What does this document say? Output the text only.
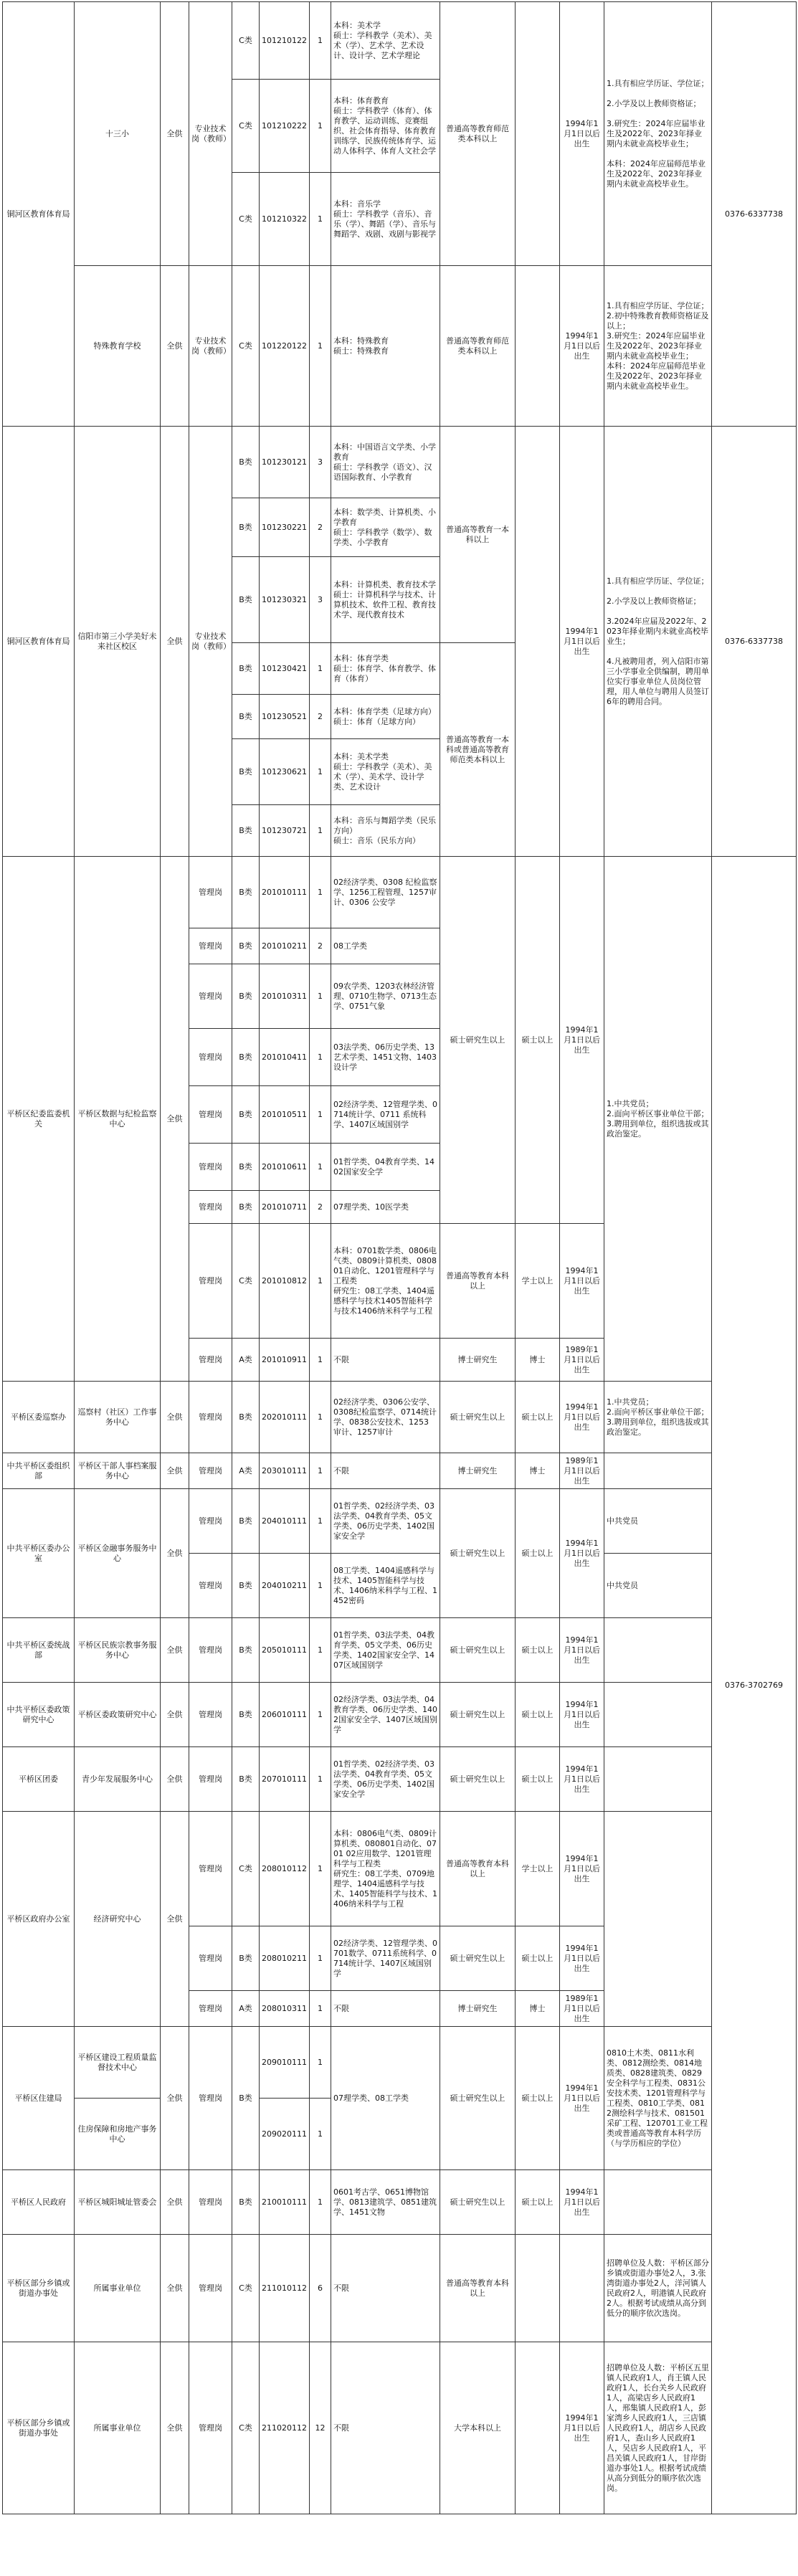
铜河区教育体育局	十三小	全供	专业技术岗（教师）	C类	101210122	1	本科：美术学
硕士：学科教学（美术）、美术（学）、艺术学、艺术设计、设计学、艺术学理论	普通高等教育师范类本科以上		1994年1月1日以后出生	1.具有相应学历证、学位证；

2.小学及以上教师资格证；

3.研究生：2024年应届毕业生及2022年、2023年择业期内未就业高校毕业生；

本科：2024年应届师范毕业生及2022年、2023年择业期内未就业高校毕业生。	0376-6337738
				C类	101210222	1	本科：体育教育
硕士：学科教学（体育）、体育教学、运动训练、竞赛组织、社会体育指导、体育教育训练学、民族传统体育学、运动人体科学、体育人文社会学					
				C类	101210322	1	本科：音乐学
硕士：学科教学（音乐）、音乐（学）、舞蹈（学）、音乐与舞蹈学、戏剧、戏剧与影视学					
	特殊教育学校	全供	专业技术岗（教师）	C类	101220122	1	本科：特殊教育
硕士：特殊教育	普通高等教育师范类本科以上		1994年1月1日以后出生	1.具有相应学历证、学位证；
2.初中特殊教育教师资格证及以上；
3.研究生：2024年应届毕业生及2022年、2023年择业期内未就业高校毕业生；
本科：2024年应届师范毕业生及2022年、2023年择业期内未就业高校毕业生。	
铜河区教育体育局	信阳市第三小学美好未来社区校区	全供	专业技术岗（教师）	B类	101230121	3	本科：中国语言文学类、小学教育
硕士：学科教学（语文）、汉语国际教育、小学教育	普通高等教育一本科以上		1994年1月1日以后出生	1.具有相应学历证、学位证；

2.小学及以上教师资格证；

3.2024年应届及2022年、2023年择业期内未就业高校毕业生；

4.凡被聘用者，列入信阳市第三小学事业全供编制，聘用单位实行事业单位人员岗位管理，用人单位与聘用人员签订6年的聘用合同。	0376-6337738
				B类	101230221	2	本科：数学类、计算机类、小学教育
硕士：学科教学（数学）、数学类、小学教育					
				B类	101230321	3	本科：计算机类、教育技术学
硕士：计算机科学与技术、计算机技术、软件工程、教育技术学、现代教育技术					
				B类	101230421	1	本科：体育学类
硕士：体育学、体育教学、体育（体育）	普通高等教育一本科或普通高等教育师范类本科以上				
				B类	101230521	2	本科：体育学类（足球方向）
硕士：体育（足球方向）					
				B类	101230621	1	本科：美术学类
硕士：学科教学（美术）、美术（学）、美术学、设计学类、艺术设计					
				B类	101230721	1	本科：音乐与舞蹈学类（民乐方向）
硕士：音乐（民乐方向）					
平桥区纪委监委机关	平桥区数据与纪检监察中心	全供	管理岗	B类	201010111	1	02经济学类、0308 纪检监察学、1256工程管理、1257审计、0306 公安学	硕士研究生以上	硕士以上	1994年1月1日以后出生	1.中共党员；
2.面向平桥区事业单位干部；
3.聘用到单位，组织选拔或其政治鉴定。	0376-3702769
			管理岗	B类	201010211	2	08工学类					
			管理岗	B类	201010311	1	09农学类、1203农林经济管理、0710生物学、0713生态学、0751气象					
			管理岗	B类	201010411	1	03法学类、06历史学类、13艺术学类、1451文物、1403设计学					
			管理岗	B类	201010511	1	02经济学类、12管理学类、0714统计学、0711 系统科学、1407区域国别学					
			管理岗	B类	201010611	1	01哲学类、04教育学类、1402国家安全学					
			管理岗	B类	201010711	2	07理学类、10医学类					
			管理岗	C类	201010812	1	本科：0701数学类、0806电气类、0809计算机类、080801自动化、1201管理科学与工程类
研究生：08工学类、1404遥感科学与技术1405智能科学与技术1406纳米科学与工程	普通高等教育本科以上	学士以上	1994年1月1日以后出生		
			管理岗	A类	201010911	1	不限	博士研究生	博士	1989年1月1日以后出生		
平桥区委巡察办	巡察村（社区）工作事务中心	全供	管理岗	B类	202010111	1	02经济学类、0306公安学、0308纪检监察学、0714统计学、0838公安技术、1253 审计、1257审计	硕士研究生以上	硕士以上	1994年1月1日以后出生	1.中共党员；
2.面向平桥区事业单位干部；
3.聘用到单位，组织选拔或其政治鉴定。	
中共平桥区委组织部	平桥区干部人事档案服务中心	全供	管理岗	A类	203010111	1	不限	博士研究生	博士	1989年1月1日以后出生		
中共平桥区委办公室	平桥区金融事务服务中心	全供	管理岗	B类	204010111	1	01哲学类、02经济学类、03法学类、04教育学类、05文学类、06历史学类、1402国家安全学	硕士研究生以上	硕士以上	1994年1月1日以后出生	中共党员	
			管理岗	B类	204010211	1	08工学类、1404遥感科学与技术、1405智能科学与技术、1406纳米科学与工程、1452密码				中共党员	
中共平桥区委统战部	平桥区民族宗教事务服务中心	全供	管理岗	B类	205010111	1	01哲学类、03法学类、04教育学类、05文学类、06历史学类、1402国家安全学、1407区域国别学	硕士研究生以上	硕士以上	1994年1月1日以后出生		
中共平桥区委政策研究中心	平桥区委政策研究中心	全供	管理岗	B类	206010111	1	02经济学类、03法学类、04教育学类、06历史学类、1402国家安全学、1407区域国别学	硕士研究生以上	硕士以上	1994年1月1日以后出生		
平桥区团委	青少年发展服务中心	全供	管理岗	B类	207010111	1	01哲学类、02经济学类、03法学类、04教育学类、05文学类、06历史学类、1402国家安全学	硕士研究生以上	硕士以上	1994年1月1日以后出生		
平桥区政府办公室	经济研究中心	全供	管理岗	C类	208010112	1	本科：0806电气类、0809计算机类、080801自动化、0701 02应用数学、1201管理科学与工程类
研究生：08工学类、0709地理学、1404遥感科学与技术、1405智能科学与技术、1406纳米科学与工程	普通高等教育本科以上	学士以上	1994年1月1日以后出生		
			管理岗	B类	208010211	1	02经济学类、12管理学类、0701数学、0711系统科学、0714统计学、1407区域国别学	硕士研究生以上	硕士以上	1994年1月1日以后出生		
			管理岗	A类	208010311	1	不限	博士研究生	博士	1989年1月1日以后出生		
平桥区住建局	平桥区建设工程质量监督技术中心	全供	管理岗	B类	209010111	1	07理学类、08工学类	硕士研究生以上	硕士以上	1994年1月1日以后出生	0810土木类、0811水利类、0812测绘类、0814地质类、0828建筑类、0829安全科学与工程类、0831公安技术类、1201管理科学与工程类、0810工学类、0812测绘科学与技术、081501采矿工程、120701工业工程类或普通高等教育本科学历（与学历相应的学位）	
	住房保障和房地产事务中心				209020111	1						
平桥区人民政府	平桥区城阳城址管委会	全供	管理岗	B类	210010111	1	0601考古学、0651博物馆学、0813建筑学、0851建筑学、1451文物	硕士研究生以上	硕士以上	1994年1月1日以后出生		
平桥区部分乡镇或街道办事处	所属事业单位	全供	管理岗	C类	211010112	6	不限	普通高等教育本科以上			招聘单位及人数：平桥区部分乡镇或街道办事处2人，3.张湾街道办事处2人，洋河镇人民政府2人，明港镇人民政府2人。根据考试成绩从高分到低分的顺序依次选岗。	
平桥区部分乡镇或街道办事处	所属事业单位	全供	管理岗	C类	211020112	12	不限	大学本科以上		1994年1月1日以后出生	招聘单位及人数：平桥区五里镇人民政府1人，肖王镇人民政府1人，长台关乡人民政府1人，高梁店乡人民政府1人，邢集镇人民政府1人，彭家湾乡人民政府1人，三店镇人民政府1人，胡店乡人民政府1人，查山乡人民政府1人，吴店乡人民政府1人，平昌关镇人民政府1人，甘岸街道办事处1人。根据考试成绩从高分到低分的顺序依次选岗。	
